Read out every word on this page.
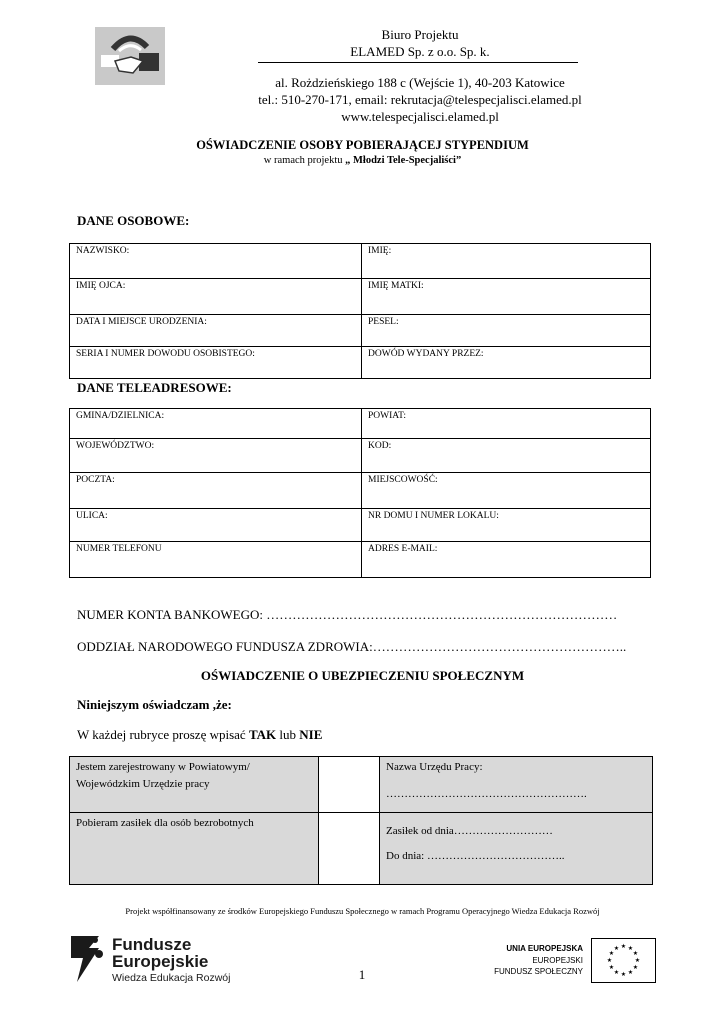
Biuro Projektu
ELAMED Sp. z o.o. Sp. k.
al. Rożdzieńskiego 188 c (Wejście 1), 40-203 Katowice
tel.: 510-270-171, email: rekrutacja@telespecjalisci.elamed.pl
www.telespecjalisci.elamed.pl
OŚWIADCZENIE OSOBY POBIERAJĄCEJ STYPENDIUM
w ramach projektu „ Młodzi Tele-Specjaliści”
DANE OSOBOWE:
NAZWISKO:	IMIĘ:
IMIĘ OJCA:	IMIĘ MATKI:
DATA I MIEJSCE URODZENIA:	PESEL:
SERIA I NUMER DOWODU OSOBISTEGO:	DOWÓD WYDANY PRZEZ:
DANE TELEADRESOWE:
GMINA/DZIELNICA:	POWIAT:
WOJEWÓDZTWO:	KOD:
POCZTA:	MIEJSCOWOŚĆ:
ULICA:	NR DOMU I NUMER LOKALU:
NUMER TELEFONU	ADRES E-MAIL:
NUMER KONTA BANKOWEGO: ………………………………………………………………………
ODDZIAŁ NARODOWEGO FUNDUSZA ZDROWIA:…………………………………………………..
OŚWIADCZENIE O UBEZPIECZENIU SPOŁECZNYM
Niniejszym oświadczam ,że:
W każdej rubryce proszę wpisać TAK lub NIE
Jestem zarejestrowany w Powiatowym/
Wojewódzkim Urzędzie pracy		Nazwa Urzędu Pracy:
……………………………………………….
Pobieram zasiłek dla osób bezrobotnych		Zasiłek od dnia………………………
Do dnia: ………………………………..
Projekt współfinansowany ze środków Europejskiego Funduszu Społecznego w ramach Programu Operacyjnego Wiedza Edukacja Rozwój
Fundusze
Europejskie
Wiedza Edukacja Rozwój	1
UNIA EUROPEJSKA
EUROPEJSKI
FUNDUSZ SPOŁECZNY
★ ★
★
★
★
★
★
★
★
★
★
★
